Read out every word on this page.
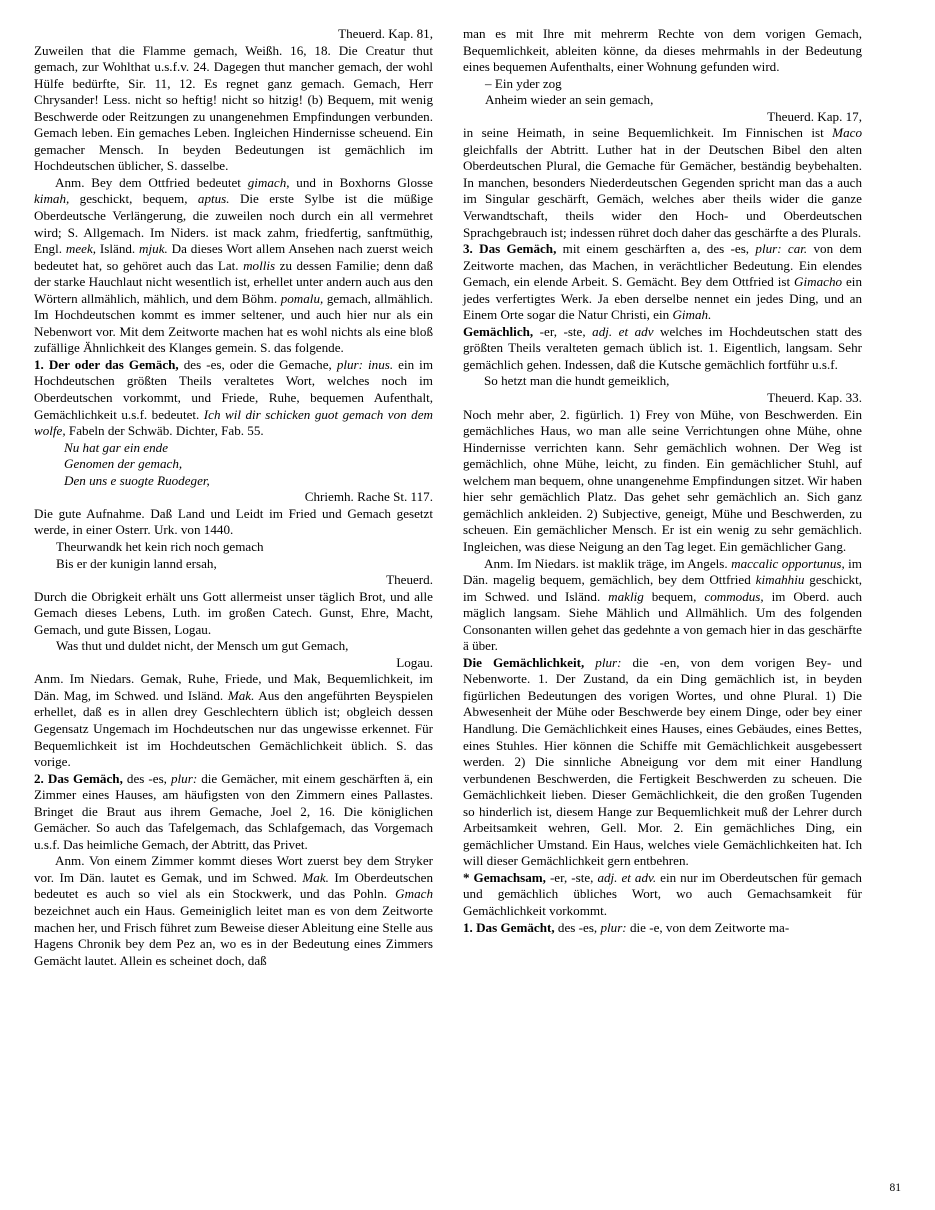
Theuerd. Kap. 81,
Zuweilen that die Flamme gemach, Weißh. 16, 18. Die Creatur thut gemach, zur Wohlthat u.s.f.v. 24. Dagegen thut mancher gemach, der wohl Hülfe bedürfte, Sir. 11, 12. Es regnet ganz gemach. Gemach, Herr Chrysander! Less. nicht so heftig! nicht so hitzig! (b) Bequem, mit wenig Beschwerde oder Reitzungen zu unangenehmen Empfindungen verbunden. Gemach leben. Ein gemaches Leben. Ingleichen Hindernisse scheuend. Ein gemacher Mensch. In beyden Bedeutungen ist gemächlich im Hochdeutschen üblicher, S. dasselbe.
Anm. Bey dem Ottfried bedeutet gimach, und in Boxhorns Glosse kimah, geschickt, bequem, aptus. Die erste Sylbe ist die müßige Oberdeutsche Verlängerung, die zuweilen noch durch ein all vermehret wird; S. Allgemach. Im Niders. ist mack zahm, friedfertig, sanftmüthig, Engl. meek, Isländ. mjuk. Da dieses Wort allem Ansehen nach zuerst weich bedeutet hat, so gehöret auch das Lat. mollis zu dessen Familie; denn daß der starke Hauchlaut nicht wesentlich ist, erhellet unter andern auch aus den Wörtern allmählich, mählich, und dem Böhm. pomalu, gemach, allmählich. Im Hochdeutschen kommt es immer seltener, und auch hier nur als ein Nebenwort vor. Mit dem Zeitworte machen hat es wohl nichts als eine bloß zufällige Ähnlichkeit des Klanges gemein. S. das folgende.
1. Der oder das Gemäch, des -es, oder die Gemache, plur: inus. ein im Hochdeutschen größten Theils veraltetes Wort, welches noch im Oberdeutschen vorkommt, und Friede, Ruhe, bequemen Aufenthalt, Gemächlichkeit u.s.f. bedeutet. Ich wil dir schicken guot gemach von dem wolfe, Fabeln der Schwäb. Dichter, Fab. 55.
Nu hat gar ein ende
Genomen der gemach,
Den uns e suogte Ruodeger,
Chriemh. Rache St. 117.
Die gute Aufnahme. Daß Land und Leidt im Fried und Gemach gesetzt werde, in einer Osterr. Urk. von 1440.
Theurwandk het kein rich noch gemach
Bis er der kunigin lannd ersah,
Theuerd.
Durch die Obrigkeit erhält uns Gott allermeist unser täglich Brot, und alle Gemach dieses Lebens, Luth. im großen Catech. Gunst, Ehre, Macht, Gemach, und gute Bissen, Logau.
Was thut und duldet nicht, der Mensch um gut Gemach,
Logau.
Anm. Im Niedars. Gemak, Ruhe, Friede, und Mak, Bequemlichkeit, im Dän. Mag, im Schwed. und Isländ. Mak. Aus den angeführten Beyspielen erhellet, daß es in allen drey Geschlechtern üblich ist; obgleich dessen Gegensatz Ungemach im Hochdeutschen nur das ungewisse erkennet. Für Bequemlichkeit ist im Hochdeutschen Gemächlichkeit üblich. S. das vorige.
2. Das Gemäch, des -es, plur: die Gemächer, mit einem geschärften ä, ein Zimmer eines Hauses, am häufigsten von den Zimmern eines Pallastes. Bringet die Braut aus ihrem Gemache, Joel 2, 16. Die königlichen Gemächer. So auch das Tafelgemach, das Schlafgemach, das Vorgemach u.s.f. Das heimliche Gemach, der Abtritt, das Privet.
Anm. Von einem Zimmer kommt dieses Wort zuerst bey dem Stryker vor. Im Dän. lautet es Gemak, und im Schwed. Mak. Im Oberdeutschen bedeutet es auch so viel als ein Stockwerk, und das Pohln. Gmach bezeichnet auch ein Haus. Gemeiniglich leitet man es von dem Zeitworte machen her, und Frisch führet zum Beweise dieser Ableitung eine Stelle aus Hagens Chronik bey dem Pez an, wo es in der Bedeutung eines Zimmers Gemächt lautet. Allein es scheinet doch, daß
man es mit Ihre mit mehrerm Rechte von dem vorigen Gemach, Bequemlichkeit, ableiten könne, da dieses mehrmahls in der Bedeutung eines bequemen Aufenthalts, einer Wohnung gefunden wird.
– Ein yder zog
Anheim wieder an sein gemach,
Theuerd. Kap. 17,
in seine Heimath, in seine Bequemlichkeit. Im Finnischen ist Maco gleichfalls der Abtritt. Luther hat in der Deutschen Bibel den alten Oberdeutschen Plural, die Gemache für Gemächer, beständig beybehalten. In manchen, besonders Niederdeutschen Gegenden spricht man das a auch im Singular geschärft, Gemäch, welches aber theils wider die ganze Verwandtschaft, theils wider den Hoch- und Oberdeutschen Sprachgebrauch ist; indessen rühret doch daher das geschärfte a des Plurals.
3. Das Gemäch, mit einem geschärften a, des -es, plur: car. von dem Zeitworte machen, das Machen, in verächtlicher Bedeutung. Ein elendes Gemach, ein elende Arbeit. S. Gemächt. Bey dem Ottfried ist Gimacho ein jedes verfertigtes Werk. Ja eben derselbe nennet ein jedes Ding, und an Einem Orte sogar die Natur Christi, ein Gimah.
Gemächlich, -er, -ste, adj. et adv welches im Hochdeutschen statt des größten Theils veralteten gemach üblich ist. 1. Eigentlich, langsam. Sehr gemächlich gehen. Indessen, daß die Kutsche gemächlich fortführ u.s.f.
So hetzt man die hundt gemeiklich,
Theuerd. Kap. 33.
Noch mehr aber, 2. figürlich. 1) Frey von Mühe, von Beschwerden. Ein gemächliches Haus, wo man alle seine Verrichtungen ohne Mühe, ohne Hindernisse verrichten kann. Sehr gemächlich wohnen. Der Weg ist gemächlich, ohne Mühe, leicht, zu finden. Ein gemächlicher Stuhl, auf welchem man bequem, ohne unangenehme Empfindungen sitzet. Wir haben hier sehr gemächlich Platz. Das gehet sehr gemächlich an. Sich ganz gemächlich ankleiden. 2) Subjective, geneigt, Mühe und Beschwerden, zu scheuen. Ein gemächlicher Mensch. Er ist ein wenig zu sehr gemächlich. Ingleichen, was diese Neigung an den Tag leget. Ein gemächlicher Gang.
Anm. Im Niedars. ist maklik träge, im Angels. maccalic opportunus, im Dän. magelig bequem, gemächlich, bey dem Ottfried kimahhiu geschickt, im Schwed. und Isländ. maklig bequem, commodus, im Oberd. auch mäglich langsam. Siehe Mählich und Allmählich. Um des folgenden Consonanten willen gehet das gedehnte a von gemach hier in das geschärfte ä über.
Die Gemächlichkeit, plur: die -en, von dem vorigen Bey- und Nebenworte. 1. Der Zustand, da ein Ding gemächlich ist, in beyden figürlichen Bedeutungen des vorigen Wortes, und ohne Plural. 1) Die Abwesenheit der Mühe oder Beschwerde bey einem Dinge, oder bey einer Handlung. Die Gemächlichkeit eines Hauses, eines Gebäudes, eines Bettes, eines Stuhles. Hier können die Schiffe mit Gemächlichkeit ausgebessert werden. 2) Die sinnliche Abneigung vor dem mit einer Handlung verbundenen Beschwerden, die Fertigkeit Beschwerden zu scheuen. Die Gemächlichkeit lieben. Dieser Gemächlichkeit, die den großen Tugenden so hinderlich ist, diesem Hange zur Bequemlichkeit muß der Lehrer durch Arbeitsamkeit wehren, Gell. Mor. 2. Ein gemächliches Ding, ein gemächlicher Umstand. Ein Haus, welches viele Gemächlichkeiten hat. Ich will dieser Gemächlichkeit gern entbehren.
* Gemachsam, -er, -ste, adj. et adv. ein nur im Oberdeutschen für gemach und gemächlich übliches Wort, wo auch Gemachsamkeit für Gemächlichkeit vorkommt.
1. Das Gemächt, des -es, plur: die -e, von dem Zeitworte ma-
81
